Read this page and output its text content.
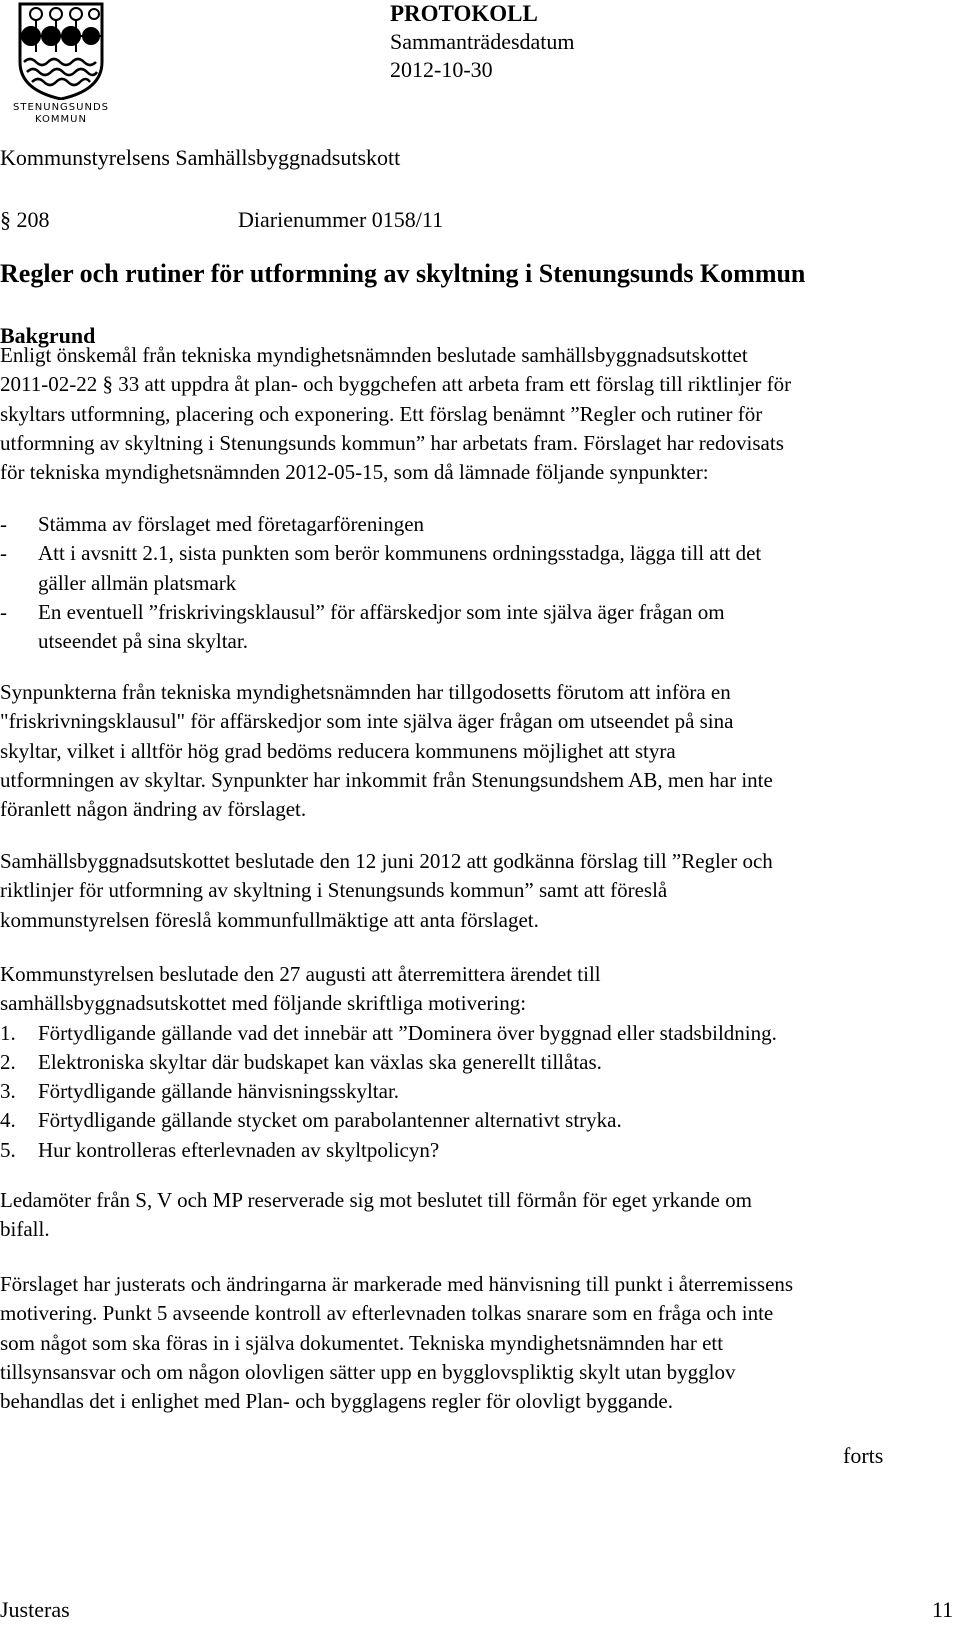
STENUNGSUNDS
KOMMUN
PROTOKOLL
Sammanträdesdatum
2012-10-30
Kommunstyrelsens Samhällsbyggnadsutskott
§ 208	Diarienummer 0158/11
Regler och rutiner för utformning av skyltning i Stenungsunds Kommun
Bakgrund
Enligt önskemål från tekniska myndighetsnämnden beslutade samhällsbyggnadsutskottet
2011-02-22 § 33 att uppdra åt plan- och byggchefen att arbeta fram ett förslag till riktlinjer för
skyltars utformning, placering och exponering. Ett förslag benämnt ”Regler och rutiner för
utformning av skyltning i Stenungsunds kommun” har arbetats fram. Förslaget har redovisats
för tekniska myndighetsnämnden 2012-05-15, som då lämnade följande synpunkter:
- Stämma av förslaget med företagarföreningen
- Att i avsnitt 2.1, sista punkten som berör kommunens ordningsstadga, lägga till att det
gäller allmän platsmark
- En eventuell ”friskrivingsklausul” för affärskedjor som inte själva äger frågan om
utseendet på sina skyltar.
Synpunkterna från tekniska myndighetsnämnden har tillgodosetts förutom att införa en
"friskrivningsklausul" för affärskedjor som inte själva äger frågan om utseendet på sina
skyltar, vilket i alltför hög grad bedöms reducera kommunens möjlighet att styra
utformningen av skyltar. Synpunkter har inkommit från Stenungsundshem AB, men har inte
föranlett någon ändring av förslaget.
Samhällsbyggnadsutskottet beslutade den 12 juni 2012 att godkänna förslag till ”Regler och
riktlinjer för utformning av skyltning i Stenungsunds kommun” samt att föreslå
kommunstyrelsen föreslå kommunfullmäktige att anta förslaget.
Kommunstyrelsen beslutade den 27 augusti att återremittera ärendet till
samhällsbyggnadsutskottet med följande skriftliga motivering:
1. Förtydligande gällande vad det innebär att ”Dominera över byggnad eller stadsbildning.
2. Elektroniska skyltar där budskapet kan växlas ska generellt tillåtas.
3. Förtydligande gällande hänvisningsskyltar.
4. Förtydligande gällande stycket om parabolantenner alternativt stryka.
5. Hur kontrolleras efterlevnaden av skyltpolicyn?
Ledamöter från S, V och MP reserverade sig mot beslutet till förmån för eget yrkande om
bifall.
Förslaget har justerats och ändringarna är markerade med hänvisning till punkt i återremissens
motivering. Punkt 5 avseende kontroll av efterlevnaden tolkas snarare som en fråga och inte
som något som ska föras in i själva dokumentet. Tekniska myndighetsnämnden har ett
tillsynsansvar och om någon olovligen sätter upp en bygglovspliktig skylt utan bygglov
behandlas det i enlighet med Plan- och bygglagens regler för olovligt byggande.
forts
Justeras	11
